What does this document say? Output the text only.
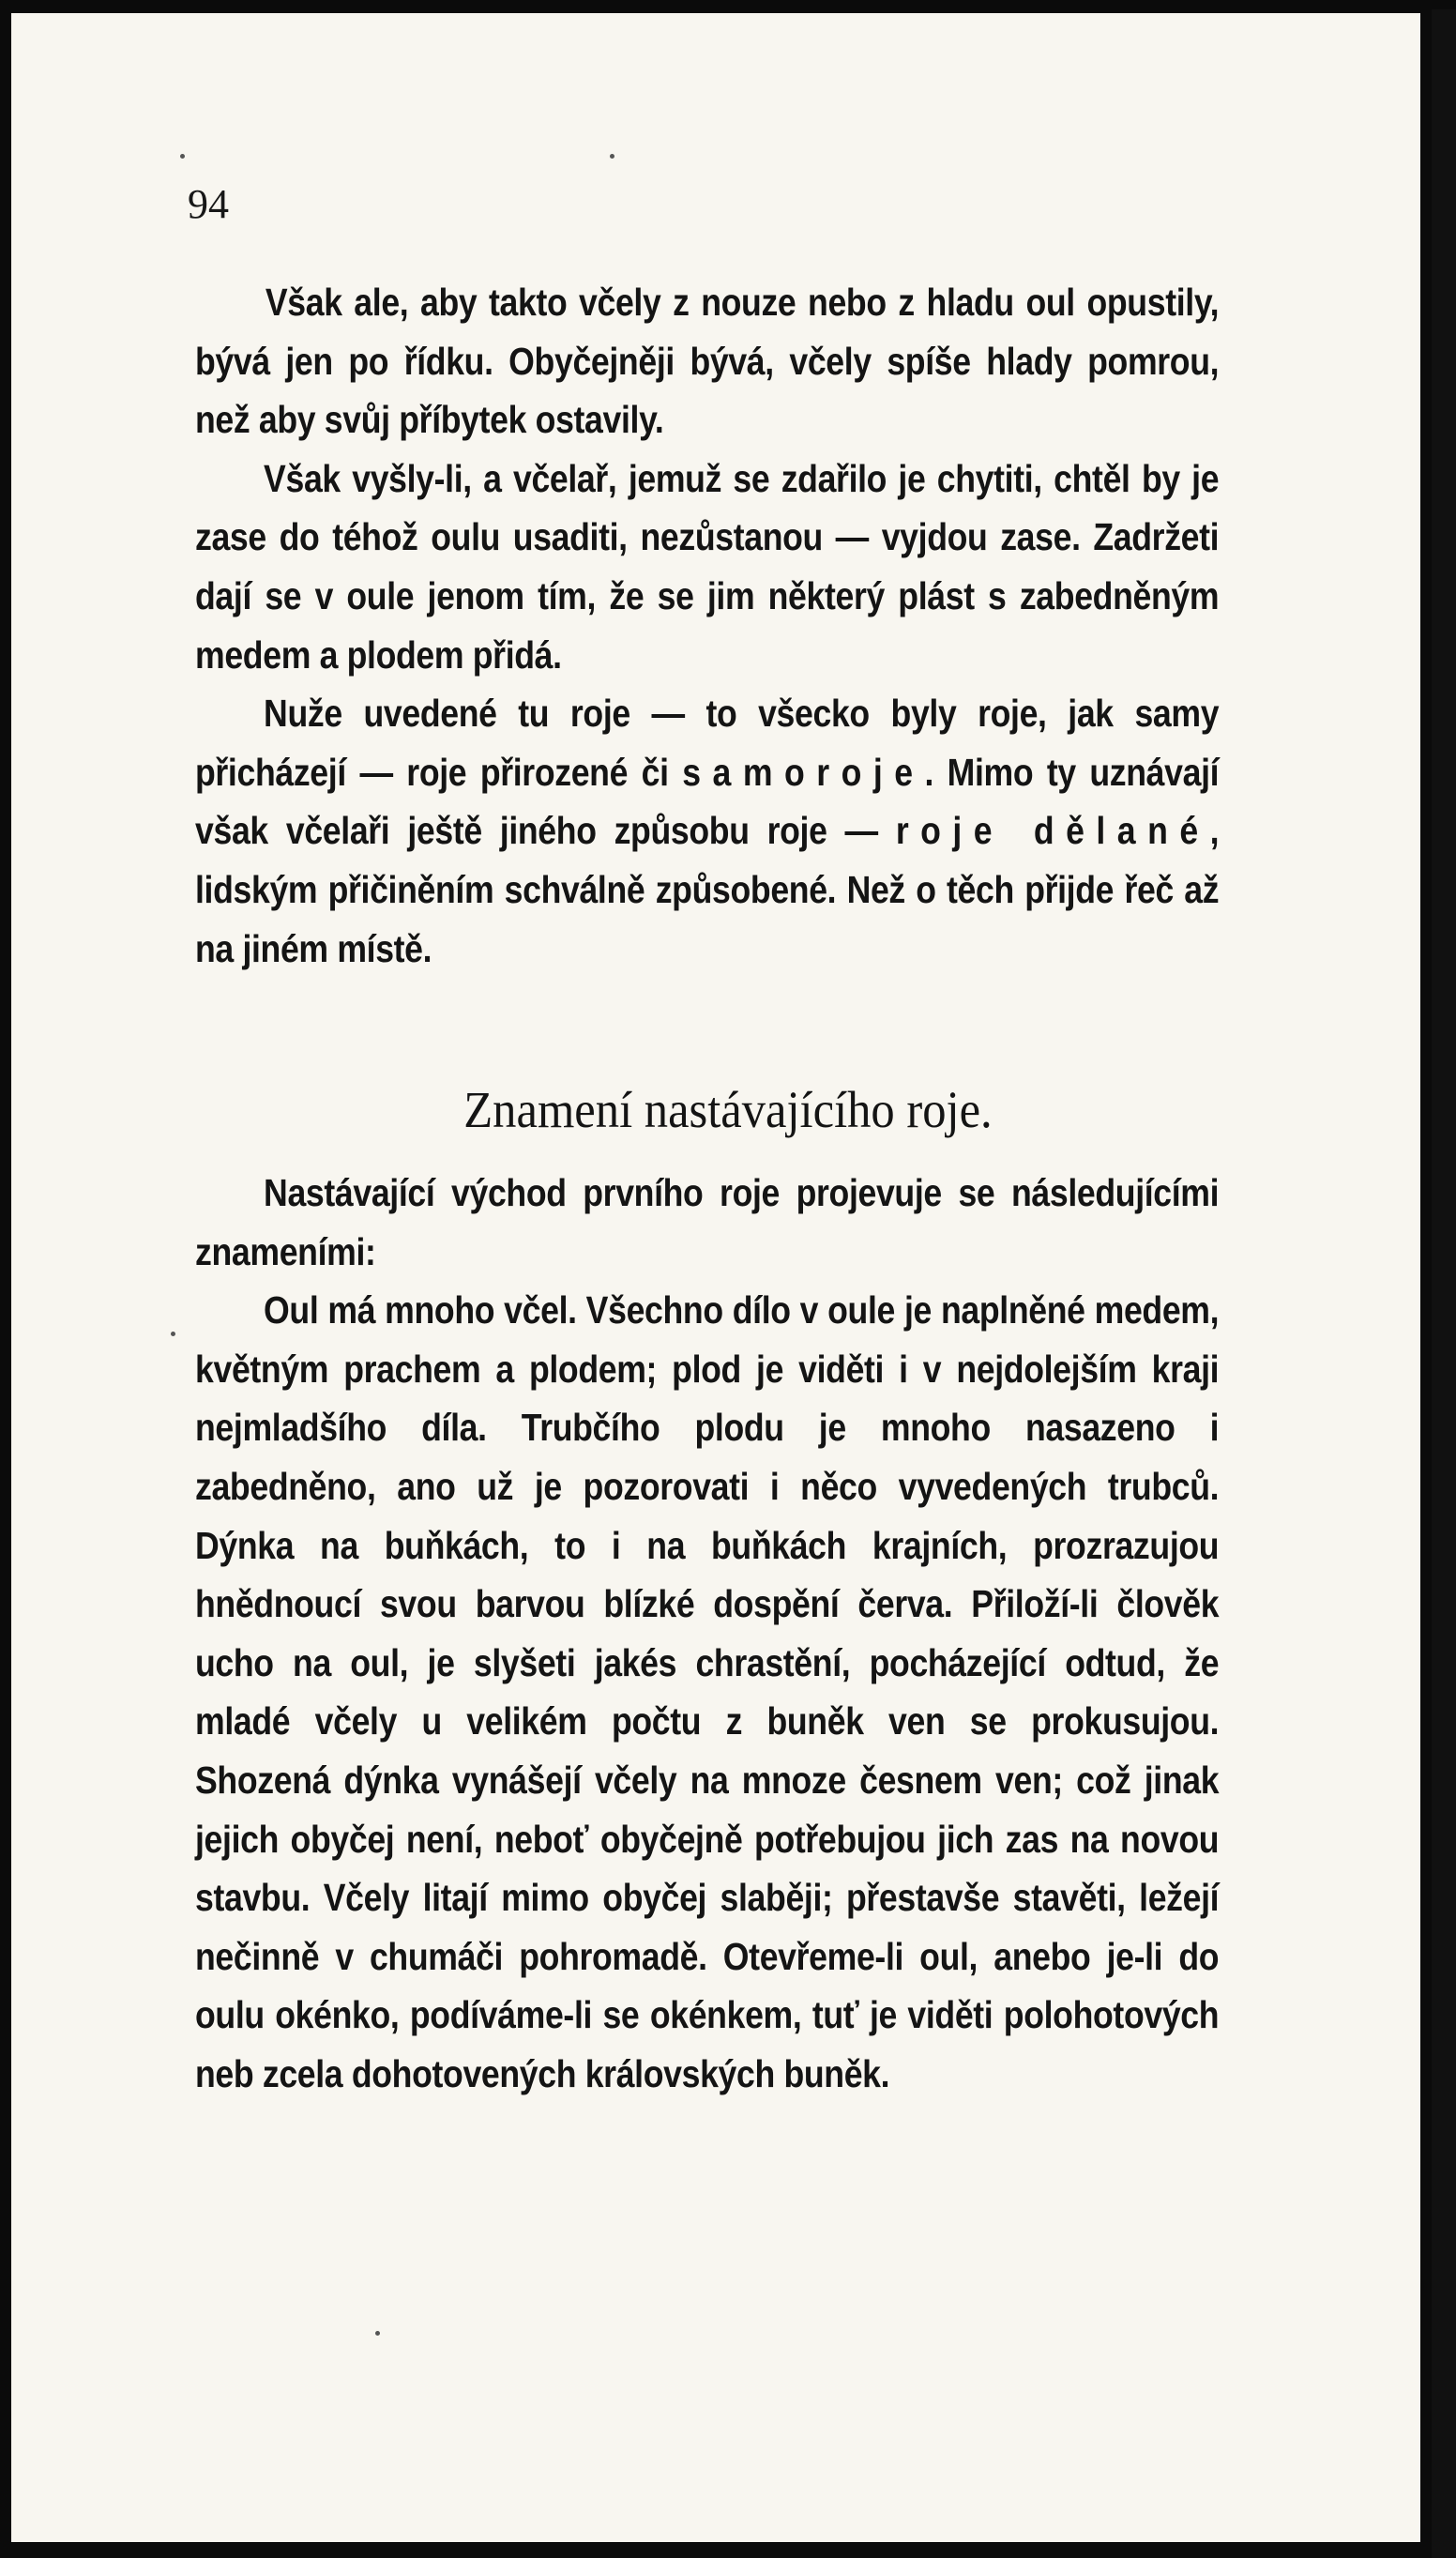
94

Však ale, aby takto včely z nouze nebo z hladu oul opustily, bývá jen po řídku. Obyčejněji bývá, včely spíše hlady pomrou, než aby svůj příbytek ostavily.

Však vyšly-li, a včelař, jemuž se zdařilo je chytiti, chtěl by je zase do téhož oulu usaditi, nezůstanou — vyjdou zase. Zadržeti dají se v oule jenom tím, že se jim některý plást s zabedněným medem a plodem přidá.

Nuže uvedené tu roje — to všecko byly roje, jak samy přicházejí — roje přirozené či samoroje. Mimo ty uznávají však včelaři ještě jiného způsobu roje — roje dělané, lidským přičiněním schválně způsobené. Než o těch přijde řeč až na jiném místě.

Znamení nastávajícího roje.

Nastávající východ prvního roje projevuje se následujícími znameními:

Oul má mnoho včel. Všechno dílo v oule je naplněné medem, květným prachem a plodem; plod je viděti i v nejdolejším kraji nejmladšího díla. Trubčího plodu je mnoho nasazeno i zabedněno, ano už je pozorovati i něco vyvedených trubců. Dýnka na buňkách, to i na buňkách krajních, prozrazujou hnědnoucí svou barvou blízké dospění červa. Přiloží-li člověk ucho na oul, je slyšeti jakés chrastění, pocházející odtud, že mladé včely u velikém počtu z buněk ven se prokusujou. Shozená dýnka vynášejí včely na mnoze česnem ven; což jinak jejich obyčej není, neboť obyčejně potřebujou jich zas na novou stavbu. Včely litají mimo obyčej slaběji; přestavše stavěti, ležejí nečinně v chumáči pohromadě. Otevřeme-li oul, anebo je-li do oulu okénko, podíváme-li se okénkem, tuť je viděti polohotových neb zcela dohotovených královských buněk.
